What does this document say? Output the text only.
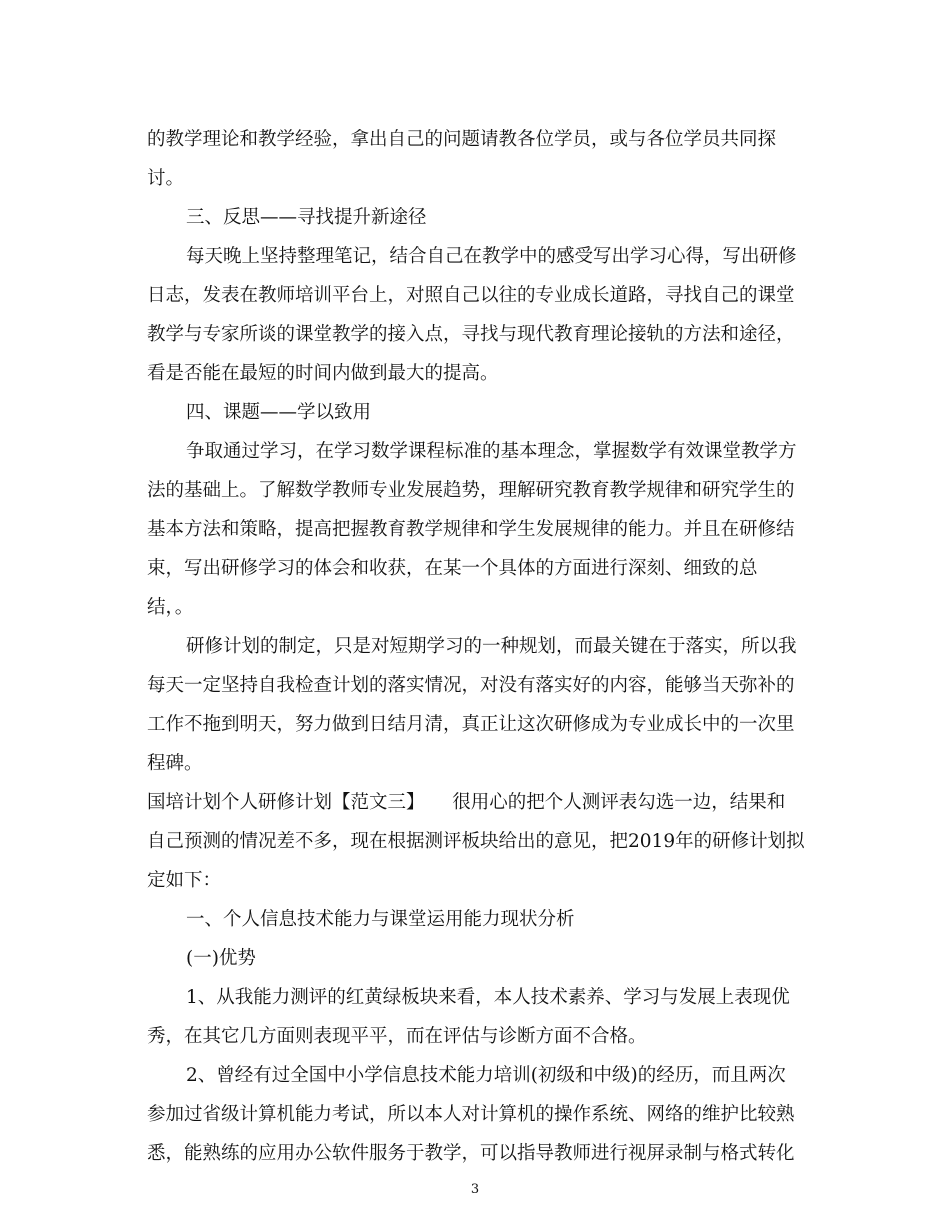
的教学理论和教学经验，拿出自己的问题请教各位学员，或与各位学员共同探
讨。
三、反思——寻找提升新途径
每天晚上坚持整理笔记，结合自己在教学中的感受写出学习心得，写出研修
日志，发表在教师培训平台上，对照自己以往的专业成长道路，寻找自己的课堂
教学与专家所谈的课堂教学的接入点，寻找与现代教育理论接轨的方法和途径，
看是否能在最短的时间内做到最大的提高。
四、课题——学以致用
争取通过学习，在学习数学课程标准的基本理念，掌握数学有效课堂教学方
法的基础上。了解数学教师专业发展趋势，理解研究教育教学规律和研究学生的
基本方法和策略，提高把握教育教学规律和学生发展规律的能力。并且在研修结
束，写出研修学习的体会和收获，在某一个具体的方面进行深刻、细致的总
结，。
研修计划的制定，只是对短期学习的一种规划，而最关键在于落实，所以我
每天一定坚持自我检查计划的落实情况，对没有落实好的内容，能够当天弥补的
工作不拖到明天，努力做到日结月清，真正让这次研修成为专业成长中的一次里
程碑。
国培计划个人研修计划【范文三】　　很用心的把个人测评表勾选一边，结果和
自己预测的情况差不多，现在根据测评板块给出的意见，把2019年的研修计划拟
定如下：
一、个人信息技术能力与课堂运用能力现状分析
(一)优势
1、从我能力测评的红黄绿板块来看，本人技术素养、学习与发展上表现优
秀，在其它几方面则表现平平，而在评估与诊断方面不合格。
2、曾经有过全国中小学信息技术能力培训(初级和中级)的经历，而且两次
参加过省级计算机能力考试，所以本人对计算机的操作系统、网络的维护比较熟
悉，能熟练的应用办公软件服务于教学，可以指导教师进行视屏录制与格式转化
3
